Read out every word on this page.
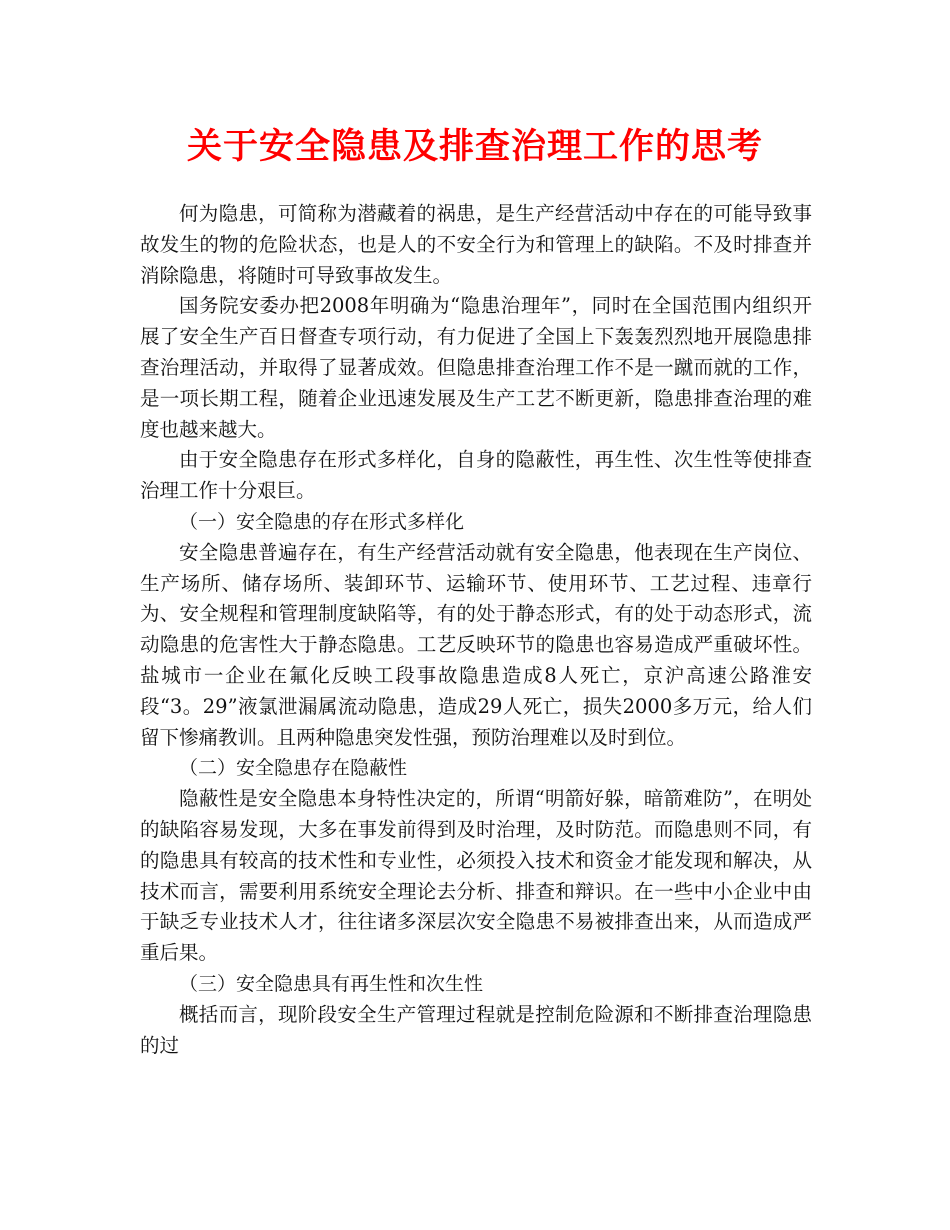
关于安全隐患及排查治理工作的思考

何为隐患，可简称为潜藏着的祸患，是生产经营活动中存在的可能导致事故发生的物的危险状态，也是人的不安全行为和管理上的缺陷。不及时排查并消除隐患，将随时可导致事故发生。

国务院安委办把2008年明确为“隐患治理年”，同时在全国范围内组织开展了安全生产百日督查专项行动，有力促进了全国上下轰轰烈烈地开展隐患排查治理活动，并取得了显著成效。但隐患排查治理工作不是一蹴而就的工作，是一项长期工程，随着企业迅速发展及生产工艺不断更新，隐患排查治理的难度也越来越大。

由于安全隐患存在形式多样化，自身的隐蔽性，再生性、次生性等使排查治理工作十分艰巨。

（一）安全隐患的存在形式多样化

安全隐患普遍存在，有生产经营活动就有安全隐患，他表现在生产岗位、生产场所、储存场所、装卸环节、运输环节、使用环节、工艺过程、违章行为、安全规程和管理制度缺陷等，有的处于静态形式，有的处于动态形式，流动隐患的危害性大于静态隐患。工艺反映环节的隐患也容易造成严重破坏性。盐城市一企业在氟化反映工段事故隐患造成8人死亡，京沪高速公路淮安段“3。29”液氯泄漏属流动隐患，造成29人死亡，损失2000多万元，给人们留下惨痛教训。且两种隐患突发性强，预防治理难以及时到位。

（二）安全隐患存在隐蔽性

隐蔽性是安全隐患本身特性决定的，所谓“明箭好躲，暗箭难防”，在明处的缺陷容易发现，大多在事发前得到及时治理，及时防范。而隐患则不同，有的隐患具有较高的技术性和专业性，必须投入技术和资金才能发现和解决，从技术而言，需要利用系统安全理论去分析、排查和辩识。在一些中小企业中由于缺乏专业技术人才，往往诸多深层次安全隐患不易被排查出来，从而造成严重后果。

（三）安全隐患具有再生性和次生性

概括而言，现阶段安全生产管理过程就是控制危险源和不断排查治理隐患的过
